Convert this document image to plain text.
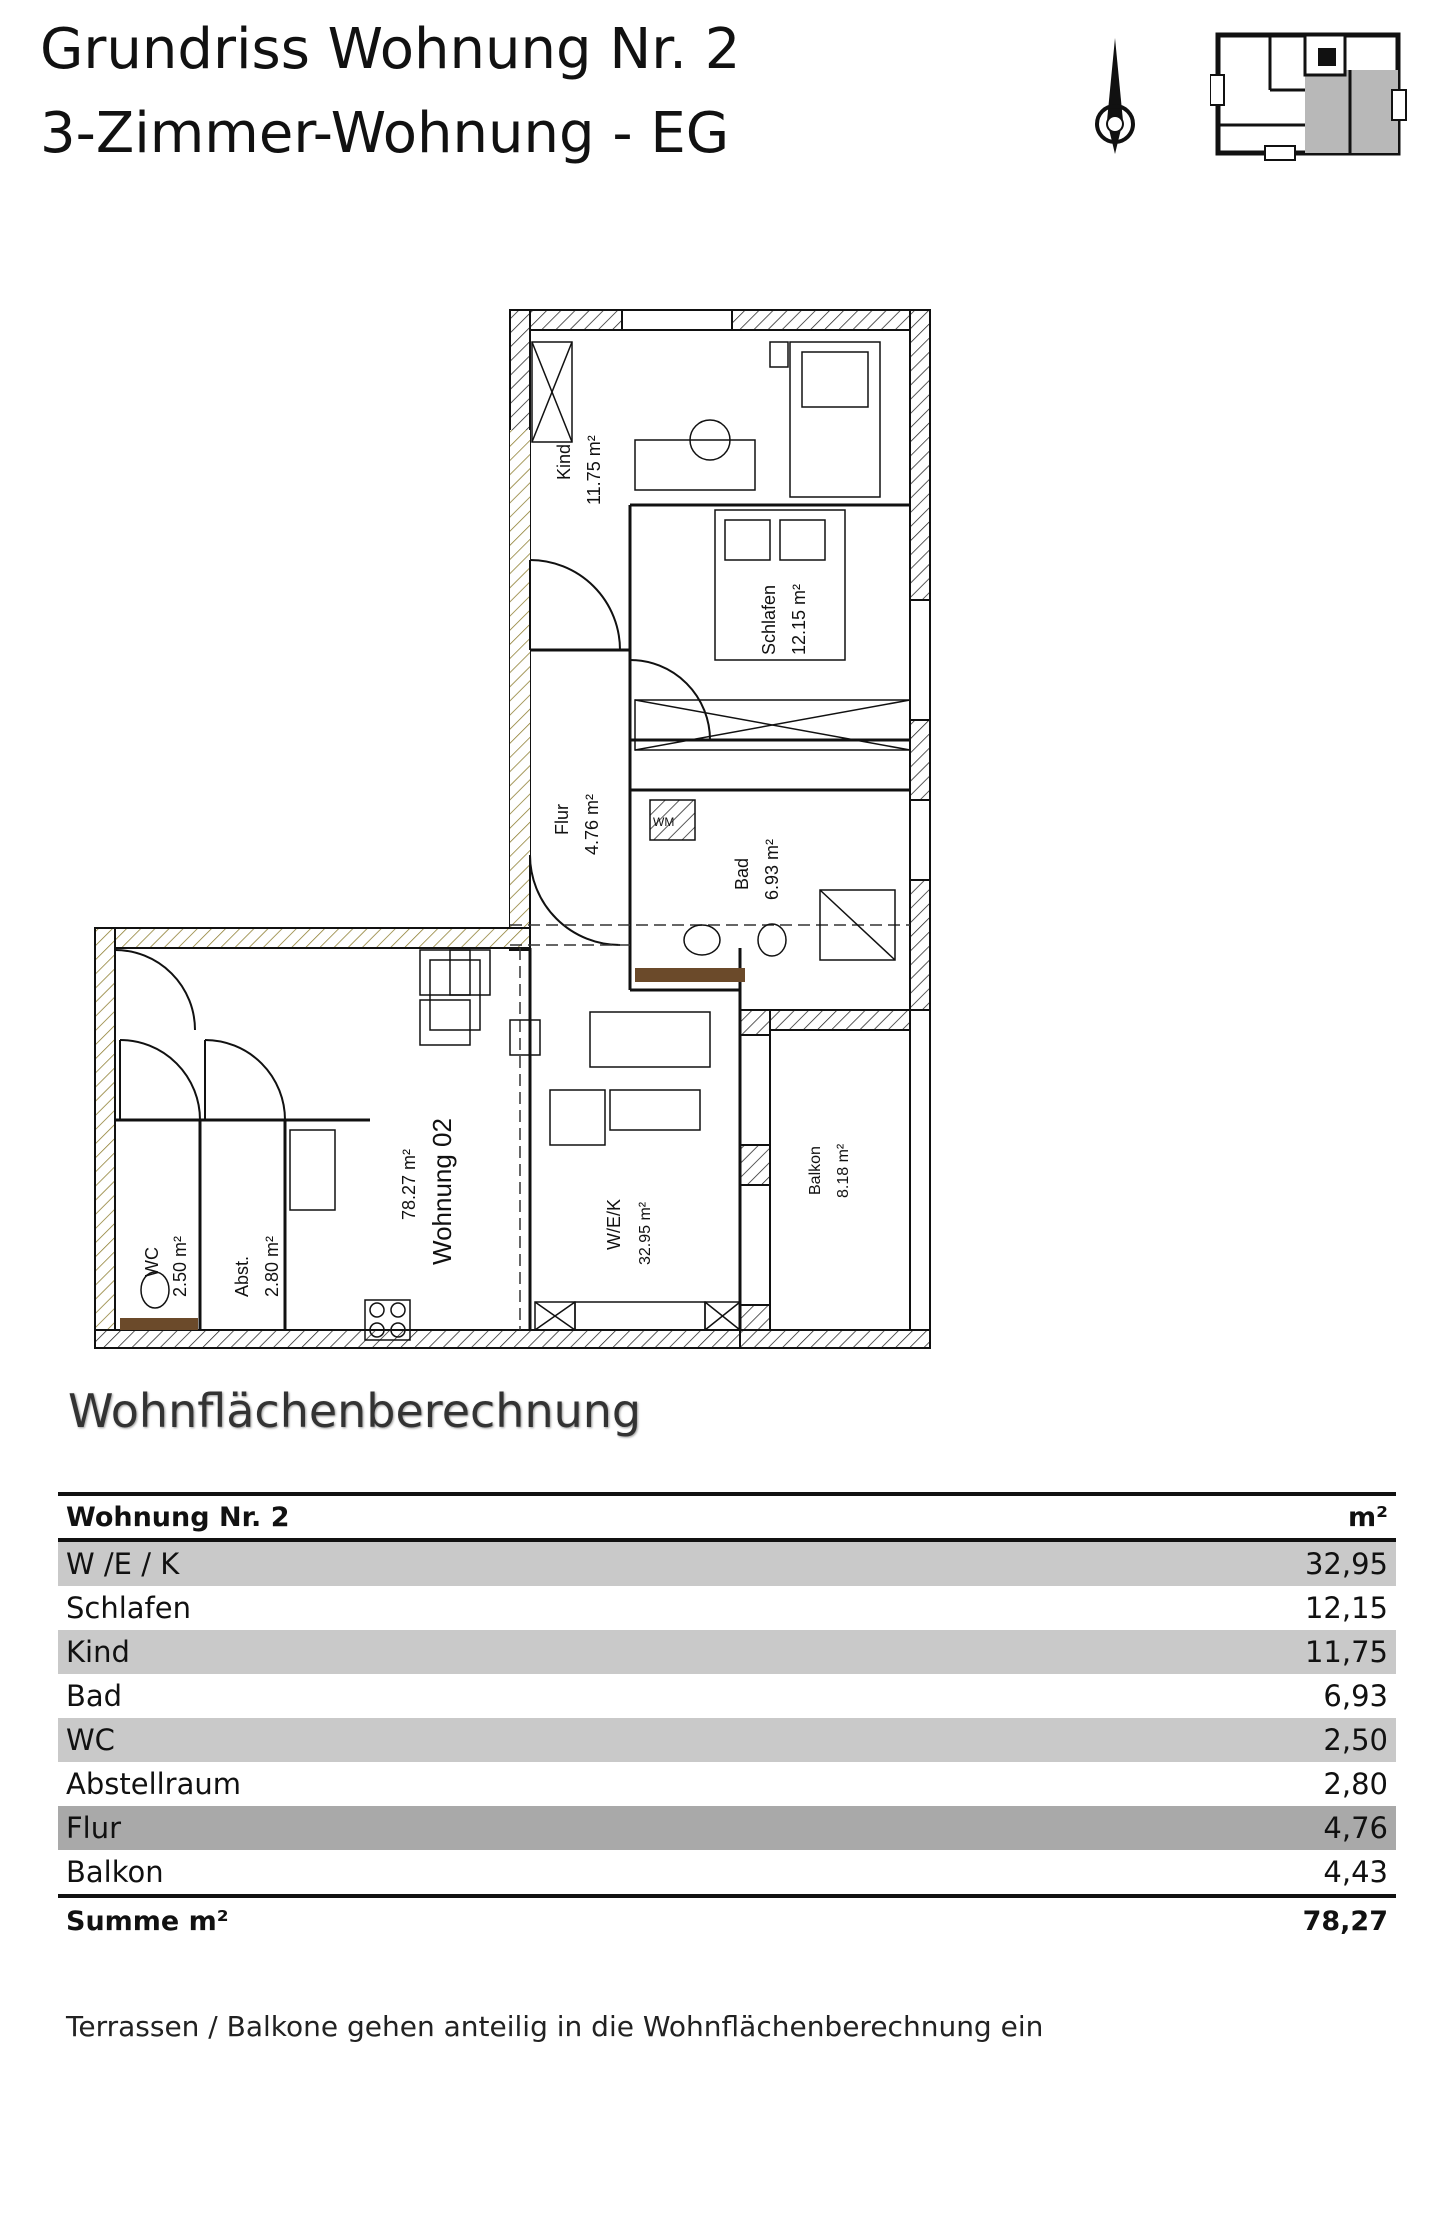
Grundriss Wohnung Nr. 2
3-Zimmer-Wohnung - EG
Kind 11.75 m²
Schlafen 12.15 m²
Flur 4.76 m²
Bad 6.93 m²
WC 2.50 m² Abst. 2.80 m²
W/E/K 32.95 m²
Balkon 8.18 m²
78.27 m² Wohnung 02
WM
Wohnflächenberechnung
Wohnung Nr. 2	m²
W /E / K	32,95
Schlafen	12,15
Kind	11,75
Bad	6,93
WC	2,50
Abstellraum	2,80
Flur	4,76
Balkon	4,43
Summe m²	78,27
Terrassen / Balkone gehen anteilig in die Wohnflächenberechnung ein
